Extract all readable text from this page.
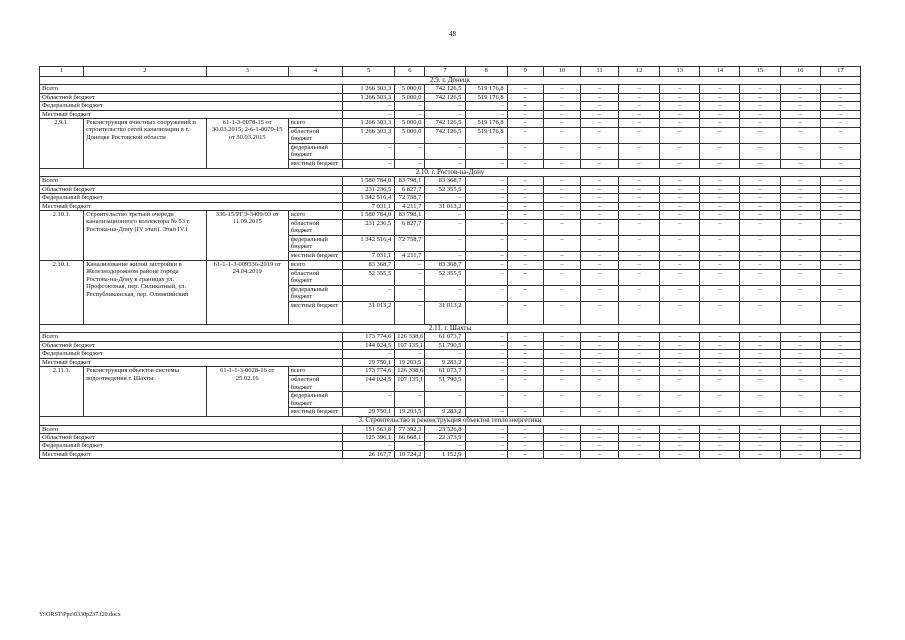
48
1	2	3	4	5	6	7	8	9	10	11	12	13	14	15	16	17
2.9. г. Донецк																
Всего				1 266 303,3	5 000,0	742 126,5	519 176,8	–	–	–	–	–	–	–	–	–
Областной бюджет				1 266 303,3	5 000,0	742 126,5	519 176,8	–	–	–	–	–	–	–	–	–
Федеральный бюджет				–	–	–	–	–	–	–	–	–	–	–	–	–
Местный бюджет				–	–	–	–	–	–	–	–	–	–	–	–	–
2.9.1.	Реконструкция очистных сооружений и строительство сетей канализации в г. Донецке Ростовской области	61-1-3-0078-15 от 30.03.2015; 2-6-1-0079-15 от 30.03.2015	всего	1 266 303,3	5 000,0	742 126,5	519 176,8	–	–	–	–	–	–	–	–	–
			областной бюджет	1 266 303,3	5 000,0	742 126,5	519 176,8	–	–	–	–	–	–	–	–	–
			федеральный бюджет	–	–	–	–	–	–	–	–	–	–	–	–	–
			местный бюджет	–	–	–	–	–	–	–	–	–	–	–	–	–
2.10. г. Ростов-на-Дону																
Всего				1 580 784,0	83 798,1	83 368,7	–	–	–	–	–	–	–	–	–	–
Областной бюджет				231 236,5	6 827,7	52 355,5	–	–	–	–	–	–	–	–	–	–
Федеральный бюджет				1 342 516,4	72 758,7	–	–	–	–	–	–	–	–	–	–	–
Местный бюджет				7 031,1	4 211,7	31 013,2	–	–	–	–	–	–	–	–	–	–
2.10.1.	Строительство третьей очереди канализационного коллектора № 53 г. Ростова-на-Дону (IV этап). Этап IV.I	336-15/РГЭ-3409/03 от 11.09.2015	всего	1 580 784,0	83 798,1	–	–	–	–	–	–	–	–	–	–	–
			областной бюджет	231 236,5	6 827,7	–	–	–	–	–	–	–	–	–	–	–
			федеральный бюджет	1 342 516,4	72 758,7	–	–	–	–	–	–	–	–	–	–	–
			местный бюджет	7 031,1	4 211,7	–	–	–	–	–	–	–	–	–	–	–
2.10.1.	Канализование жилой застройки в Железнодорожном районе города Ростова-на-Дону в границах ул. Профсоюзная, пер. Силикатный, ул. Республиканская, пер. Олимпийский	61-1-1-3-009536-2019 от 24.04.2019	всего	83 368,7	–	83 368,7	–	–	–	–	–	–	–	–	–	–
			областной бюджет	52 355,5	–	52 355,5	–	–	–	–	–	–	–	–	–	–
			федеральный бюджет	–	–	–	–	–	–	–	–	–	–	–	–	–
			местный бюджет	31 013,2	–	31 013,2	–	–	–	–	–	–	–	–	–	–
2.11. г. Шахты																
Всего				173 774,6	126 338,6	61 073,7	–	–	–	–	–	–	–	–	–	–
Областной бюджет				144 024,5	107 135,1	51 790,5	–	–	–	–	–	–	–	–	–	–
Федеральный бюджет				–	–	–	–	–	–	–	–	–	–	–	–	–
Местный бюджет				29 750,1	19 203,5	9 283,2	–	–	–	–	–	–	–	–	–	–
2.11.1.	Реконструкция объектов системы водоотведения г. Шахты	61-1-1-3-0028-16 от 25.02.16	всего	173 774,6	126 338,6	61 073,7	–	–	–	–	–	–	–	–	–	–
			областной бюджет	144 024,5	107 135,1	51 790,5	–	–	–	–	–	–	–	–	–	–
			федеральный бюджет	–	–	–	–	–	–	–	–	–	–	–	–	–
			местный бюджет	29 750,1	19 203,5	9 283,2	–	–	–	–	–	–	–	–	–	–
3. Строительство и реконструкция объектов теплоэнергетики																
Всего				151 563,8	77 392,3	23 526,8	–	–	–	–	–	–	–	–	–	–
Областной бюджет				125 396,1	66 668,1	22 373,9	–	–	–	–	–	–	–	–	–	–
Федеральный бюджет				–	–	–	–	–	–	–	–	–	–	–	–	–
Местный бюджет				26 167,7	10 724,2	1 152,9	–	–	–	–	–	–	–	–	–	–
Y:\ORST\Ppo\0330p237.f20.docx
